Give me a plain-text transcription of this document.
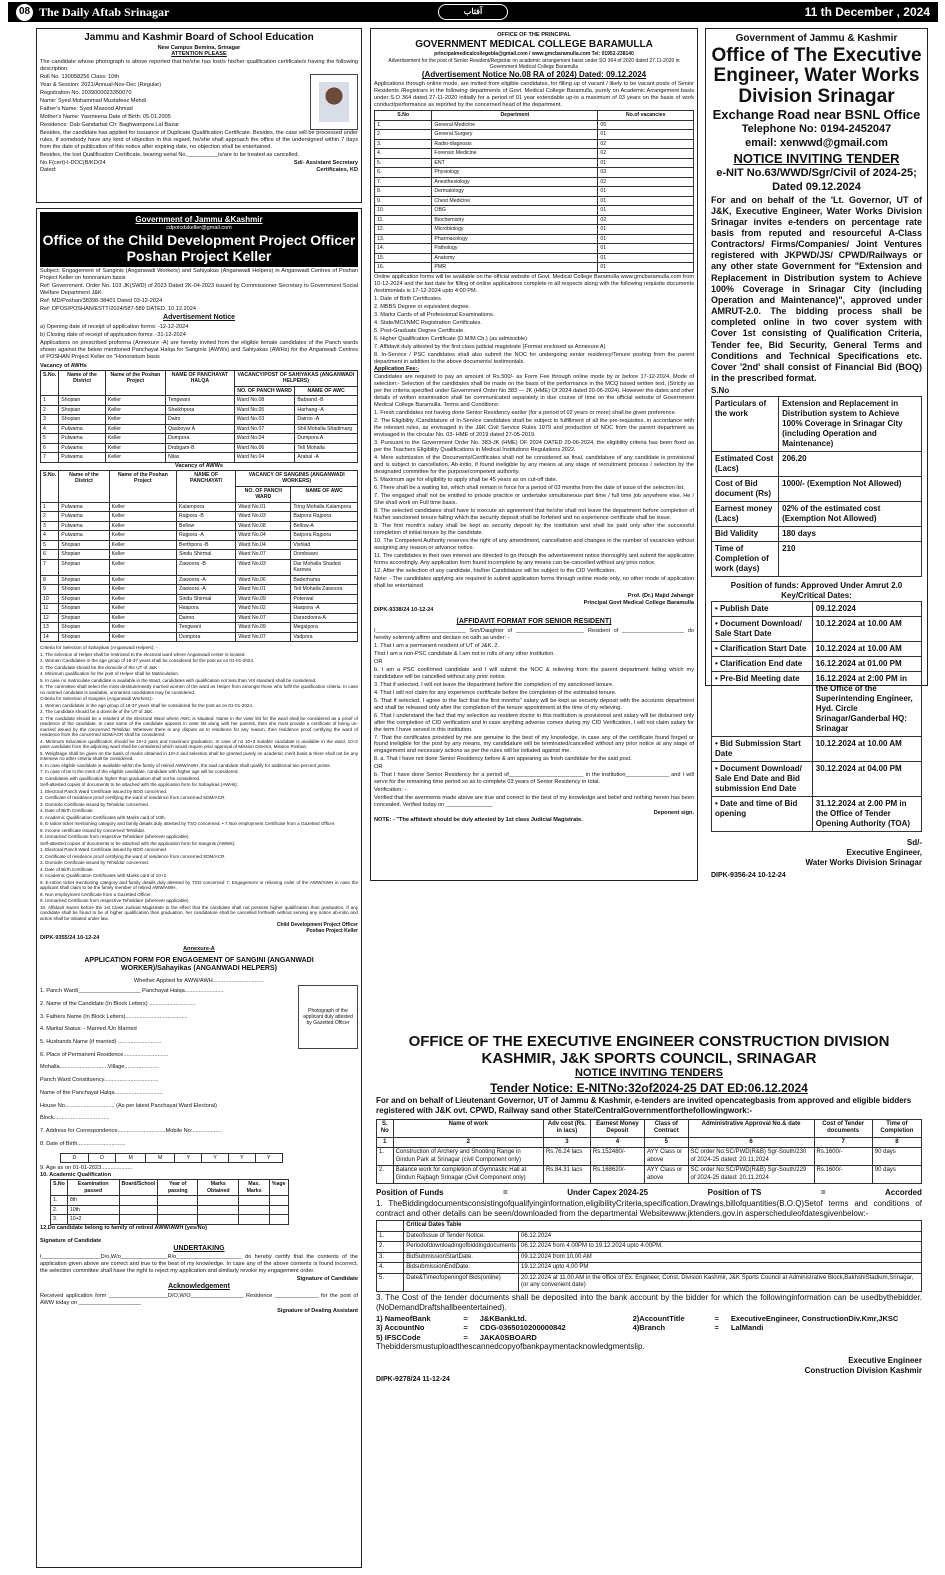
08 The Daily Aftab Srinagar	آفتاب	11 th December , 2024
Jammu and Kashmir Board of School Education
New Campus Bemina, Srinagar
ATTENTION PLEASE
The candidate whose photograph is above reported that he/she has lost/s his/her qualification certificate/s having the following description.
Roll No. 130058256 Class: 10th
Year & Session: 2021/Annual-Nov-Dec (Regular)
Registration No. 2039000023350070
Name: Syed Mohammad Mustafeez Mehdi
Father's Name: Syed Masood Ahmad
Mother's Name: Yasmeena Date of Birth: 05.01.2005
Residence: Dab Gandarbal Ch: Baghwanpora Lal Bazar
Besides, the candidate has applied for issuance of Duplicate Qualification Certificate. Besides, the case will be processed under rules, if somebody have any kind of objection in this regard, he/she shall approach the office of the undersigned within 7 days from the date of publication of this notice after expiring date, no objection shall be entertained.
Besides, the lost Qualification Certificate, bearing serial No.__________is/are to be treated as cancelled.
No.F(cert)-I-DOC(B/KD/24
Dated:
Sd/- Assistant Secretary
Certificates, KD
Government of Jammu &Kashmir
cdpoicdskeller@gmail.com
Office of the Child Development Project Officer Poshan Project Keller
Subject: Engagement of Sanginis (Anganwadi Workers) and Sahiyakas (Anganwadi Helpers) in Anganwadi Centres of Poshan Project Keller on honorarium basis
Ref: Government. Order No. 103 JK(SWD) of 2023 Dated 2K-04-2023 issued by Commissioner Secretary to Government Social Welfare Department J&K
Ref: MD/Poshan/38398-38401 Dated 03-12-2024
Ref: DPOS/POSHAN/ESTT/2024/587-589 DATED. 10.12.2024
Advertisement Notice
a) Opening date of receipt of application forms: -12-12-2024
b) Closing date of receipt of application forms: -31-12-2024
Applications on prescribed proforma (Annexure -A) are hereby invited from the eligible female candidates of the Panch wards shown against the below mentioned Panchayat Halqa for Sanginis (AWWs) and Sahiyakas (AWHs) for the Anganwadi Centres of POSHAN Project Keller on "Honorarium basis
Vacancy of AWHs
S.No.	Name of the District	Name of the Poshan Project	NAME OF PANCHAYAT HALQA	VACANCY/POST OF SAHIYAKAS (ANGANWADI HELPERS)	
				NO. OF PANCH WARD	NAME OF AWC
1	Shopian	Keller	Tengwani	Ward No.08	Babrand -B
2	Shopian	Keller	Sheikhpora	Ward No.05	Harhang -A
3	Shopian	Keller	Dairo	Ward No.03	Dairoo -A
4	Pulwama	Keller	Qasboyar A	Ward No.07	Shil Mohalla Shadimarg
5	Pulwama	Keller	Dumpora	Ward No.04	Dumpora A
6	Pulwama	Keller	Drubgam-B	Ward No.06	Teli Mohalla
7	Pulwama	Keller	Nilas	Ward No.04	Arabal -A
Vacancy of AWWs
S.No.	Name of the District	Name of the Poshan Project	NAME OF PANCHAYAT/	VACANCY OF SANGINIS (ANGANWADI WORKERS)	
				NO. OF PANCH WARD	NAME OF AWC
1	Pulwama	Keller	Kalampora	Ward No.01	Tring Mohalla Kalampora
2	Pulwama	Keller	Rajpora -B	Ward No.03	Batpora Rajpora
3	Pulwama	Keller	Bellow	Ward No.08	Bellow-A
4	Pulwama	Keller	Rajpora -A	Ward No.04	Batpora Rajpora
5	Shopian	Keller	Berthpora -B	Ward No.04	Vishlad
6	Shopian	Keller	Sindu Shirmal	Ward No.07	Dombwani
7	Shopian	Keller	Zawoora -B	Ward No.03	Dar Mohalla Shaded Karewa
8	Shopian	Keller	Zawoora -A	Ward No.06	Baderhama
9	Shopian	Keller	Zawoora -A	Ward No.01	Teli Mohalla Zawoora
10	Shopian	Keller	Sindu Shirmal	Ward No.09	Poterwal
11	Shopian	Keller	Haspora	Ward No.02	Haspora -A
12	Shopian	Keller	Dairoo	Ward No.07	Darandoora-A
13	Shopian	Keller	Tengwani	Ward No.09	Megalpora
14	Shopian	Keller	Dumpora	Ward No.07	Vadpora
Criteria for Selection of Sahayikas (Anganwadi Helpers): -
1. The selection of Helper shall be restricted to the electoral ward where Anganwadi center is located.
2. Women Candidates in the age group of 18-37 years shall be considered for the post as on 01-01-2024.
3. The Candidate should be the domicile of the UT of J&K
4. Minimum qualification for the post of Helper shall be Matriculation.
5. In case no matriculate candidate is available in the Ward, candidates with qualification not less than VIII standard shall be considered.
6. The committee shall select the most destitute/needy married women of the ward as Helper from amongst those who fulfil the qualification criteria. In case no married candidate is available, unmarried candidates may be considered.
Criteria for Selection of Sanginis (Anganwadi Workers):-
1. Women candidates in the age group of 18-37 years shall be considered for the post as on 01-01-2024.
2. The candidate should be a domicile of the UT of J&K.
3. The candidate should be a resident of the Electoral Ward where AWC is situated. Name in the voter list for the ward shall be considered as a proof of residence of the candidate. In case name of the candidate appears in voter list along with her parents, then she must provide a certificate of being un-married issued by the concerned Tehsildar. Wherever there is any dispute as to residence for any reason, then residence proof certifying the ward of residence from the concerned SDM/ACR shall be considered.
4. Minimum Education qualification should be 10+2 pass and maximum graduation. In case of no 10+2 suitable candidate is available in the ward, 10+2 pass candidate from the adjoining ward shall be considered which would require prior approval of Mission Director, Mission Poshan.
5. Weightage shall be given on the basis of marks obtained in 10+2 and selection shall be granted purely on academic merit basis & there shall not be any interview no other criteria shall be considered.
6. In case eligible candidate is available within the family of retired AWW/AWH, the said candidate shall qualify for additional two percent points.
7. In case of tie in the merit of the eligible candidate, candidate with higher age will be considered.
8. Candidates with qualification higher than graduation shall not be considered.
Self-attested copies of documents to be attached with the application form for Sahayikas (AWHs):
1. Electoral Panch Ward Certificate issued by BDO concerned.
2. Certificate of residence proof certifying the ward of residence from concerned SDM/ACR.
3. Domicile Certificate issued by Tehsildar concerned.
4. Date of Birth Certificate.
5. Academic Qualification Certificates with Marks card of 10th.
6. E-ration ticket mentioning category and family details duly attested by TSO concerned. • 7.Non employment Certificate from a Gazetted Officer.
8. Income certificate issued by concerned Tehsildar.
9. Unmarried Certificate from respective Tehsildare (wherever applicable)
Self-attested copies of documents to be attached with the application form for Sanginis (AWWs):
1. Electoral Panch Ward Certificate issued by BDO concerned.
2. Certificate of residence proof certifying the ward of residence from concerned SDM/ACR.
3. Domicile Certificate issued by Tehsildar concerned.
4. Date of Birth Certificate.
5. Academic Qualification Certificates with Marks card of 10+2.
6. E-ration ticket mentioning category and family details duly attested by TSO concerned 7. Engagement or relieving order of the AWW/AWH in case the applicant shall claim to be the family member of retired AWW/AWH.
8. Non employment Certificate from a Gazetted Officer.
9. Unmarried Certificate from respective Tehsildare (wherever applicable)
10. Affidavit Sworn before the 1st Class Judicial Magistrate to the effect that the candidate shall not possess higher qualification than graduation. If any candidate shall be found to be of higher qualification than graduation, her candidature shall be cancelled forthwith without serving any notice ab-initio and action shall be initiated under law.
Child Development Project Officer
Poshan Project Keller
DIPK-9355/24 10-12-24
Annexure-A
APPLICATION FORM FOR ENGAGEMENT OF SANGINI (ANGANWADI WORKER)/Sahayikas (ANGANWADI HELPERS)
Whether Applied for AWW/AWH.................................
Photograph of the applicant duly attested by Gazetted Officer
1. Panch Ward/____________________ Panchayat Halqa.........................
2. Name of the Candidate (In Block Letters) ..............................
3. Fathers Name (In Block Letters)........................................
4. Marital Status: - Married /Un Married
5. Husbands Name (if married) ............................
6. Place of Permanent Residence.............................
Mohalla...............................Village......................
Panch Ward Constituency...................................
Name of the Panchayat Halqa...............................
House No................................ (As per latest Panchayat Ward Electoral)
Block....................................
7. Address for Correspondence...............................Mobile No:...................
8. Date of Birth...............................
D	D	M	M	Y	Y	Y	Y
9. Age as on 01-01-2023....................
10. Academic Qualification
S.No	Examination passed	Board/School	Year of passing	Marks Obtained	Max. Marks	%age
1.	8th					
2.	10th					
3.	10+2					
12.Do candidate belong to family of retired AWW/AWH (yes/No)
Signature of Candidate
UNDERTAKING
I___________________D/o,W/o_______________R/o_____________________ do hereby certify that the contents of the application given above are correct and true to the best of my knowledge. In case any of the above contents is found incorrect, the selection committee shall have the right to reject my application and similarly revoke my engagement order.
Signature of Candidate
Acknowledgement
Received application form ___________________D/O,W/O_________________ Residence ______________ for the post of AWW today on ____________________
Signature of Dealing Assistant
OFFICE OF THE PRINCIPAL
GOVERNMENT MEDICAL COLLEGE BARAMULLA
principalmedicalcollegebla@gmail.com / www.gmcbaramulla.com Tel: 01952-238140
Advertisement for the post of Senior Resident/Registrar on academic arrangement basis under SO 364 of 2020 dated 27.11-2020 in Government Medical College Baramulla
(Advertisement Notice No.08 RA of 2024) Dated: 09.12.2024
Applications through online mode, are invited from eligible candidates, for filling up of vacant / likely to be vacant posts of Senior Residents /Registrars in the following departments of Govt. Medical College Baramulla, purely on Academic Arrangement basis under S.O 364 dated 27-11-2020 initially for a period of 01 year extendable up-to a maximum of 03 years on the basis of work conduct/performance as reported by the concerned head of the department.
S.No	Department	No.of vacancies
1.	General Medicine	05
2.	General Surgery	01
3.	Radio-diagnosis	02
4.	Forensic Medicine	02
5.	ENT	01
6.	Physiology	03
7.	Anesthesiology	02
8.	Dermatology	01
9.	Chest Medicine	01
10.	OBG	01
11.	Biochemistry	02
12.	Microbiology	01
13.	Pharmacology	01
14.	Pathology	01
15.	Anatomy	01
16.	PMR	01
Online application forms will be available on the official website of Govt. Medical College Baramulla www.gmcbaramulla.com from 10-12-2024 and the last date for filling of online applications complete in all respects along with the following requisite documents /testimonials is 17-12-2024 upto 4:00 PM.
1. Date of Birth Certificates.
2. MBBS Degree or equivalent degree.
3. Marks Cards of all Professional Examinations.
4. State/MCI/NMC Registration Certificates.
5. Post-Graduate Degree Certificate.
6. Higher Qualification Certificate (D.M/M.Ch.) (as admissible)
7. Affidavit duly attested by the first class judicial magistrate (Format enclosed as Annexure A)
8. In-Service / PSC candidates shall also submit the NOC for undergoing senior residency/Tenure posting from the parent department in addition to the above documents/ testimonials.
Application Fee:-
Candidates are required to pay an amount of Rs.500/- as Form Fee through online mode by or before 17-12-2024. Mode of selection:- Selection of the candidates shall be made on the basis of the performance in the MCQ based written test, (Strictly as per the criteria specified under Government Order No 383 — JK (HME) Of 2024 dated 20-06-2024). However the dates and other details of written examination shall be communicated separately in due course of time on the official website of Government Medical College Baramulla. Terms and Conditions:
1. Fresh candidates not having done Senior Residency earlier (for a period of 02 years or more) shall be given preference.
2. The Eligibility /Candidature of In-Service candidates shall be subject to fulfillment of all the pre-requisites, in accordance with the relevant rules, as envisaged in the J&K Civil Service Rules 1979 and production of NOC from the parent department as envisaged in the circular No. 03- HME of 2019 dated 27-05-2019.
3. Pursuant to the Government Order No. 383-JK (HME) OF 2024 DATED 20-06-2024, the eligibility criteria has been fixed as per the Teachers Eligibility Qualifications in Medical Institutions Regulations 2022.
4. Mere submission of the Documents/Certificates shall not be considered as final, candidature of any candidate is provisional and is subject to cancellation, Ab-initio, if found ineligible by any means at any stage of recruitment process / selection by the designated committee for the purpose/competent authority.
5. Maximum age for eligibility to apply shall be 45 years as on cut-off date.
6. There shall be a waiting list, which shall remain in force for a period of 03 months from the date of issue of the selection list.
7. The engaged shall not be entitled to private practice or undertake simultaneous part time / full time job anywhere else. He / She shall work on Full time basis.
8. The selected candidates shall have to execute an agreement that he/she shall not leave the department before completion of his/her sanctioned tenure failing which the security deposit shall be forfeited and no experience certificate shall be issue.
9. The first month's salary shall be kept as security deposit by the institution and shall be paid only after the successful completion of initial tenure by the candidate.
10. The Competent Authority reserves the right of any amendment, cancellation and changes in the number of vacancies without assigning any reason or advance notice.
11. The candidates in their own interest are directed to go through the advertisement notice thoroughly and submit the application forms accordingly. Any application form found incomplete by any means can be cancelled without any prior notice.
12. After the selection of any candidate, his/her Candidature will be subject to the CID Verification.
Note: - The candidates applying are required to submit application forms through online mode only, no other mode of application shall be entertained
Prof. (Dr.) Majid Jahangir
Principal Govt Medical College Baramulla
DIPK-9338/24 10-12-24
(AFFIDAVIT FORMAT FOR SENIOR RESIDENT)
I_____________________________ Son/Daughter of ______________________ Resident of ____________________ do hereby solemnly affirm and declare on oath as under: -
1. That I am a permanent resident of UT of J&K. 2.
That I am a non-PSC candidate & I am not in rolls of any other institution.
OR
b. I am a PSC confirmed candidate and I will submit the NOC & relieving from the parent department failing which my candidature will be cancelled without any prior notice.
3. That if selected, I will not leave the department before the completion of my sanctioned tenure.
4. That I will not claim for any experience certificate before the completion of the estimated tenure.
5. That if selected, I agree to the fact that the first months" salary will be kept as security deposit with the accounts department and shall be released only after the completion of the tenure appointment at the time of my relieving.
6. That I understand the fact that my selection as resident doctor in this institution is provisional and salary will be disbursed only after the completion of CID verification and in case anything adverse comes during my CID Verification, I will not claim salary for the term I have served in this institution.
7. That the certificates provided by me are genuine to the best of my knowledge, in case any of the certificate found forged or found ineligible for the post by any means, my candidature will be terminated/cancelled without any prior notice at any stage of engagement and necessary actions as per the rules will be initiated against me.
8. a. That I have not done Senior Residency before & am appearing as fresh candidate for the said post.
OR
b. That I have done Senior Residency for a period of________________________ in the institution______________ and I will serve for the remaining time period so as to complete 03 years of Senior Residency in total.
Verification: -
Verified that the averments made above are true and correct to the best of my knowledge and belief and nothing herein has been concealed. Verified today on _______________
Deponent sign.
NOTE: - "The affidavit should be duly attested by 1st class Judicial Magistrate.
Government of Jammu & Kashmir
Office of The Executive Engineer, Water Works Division Srinagar
Exchange Road near BSNL Office
Telephone No: 0194-2452047
email: xenwwd@gmail.com
NOTICE INVITING TENDER
e-NIT No.63/WWD/Sgr/Civil of 2024-25; Dated 09.12.2024
For and on behalf of the 'Lt. Governor, UT of J&K, Executive Engineer, Water Works Division Srinagar invites e-tenders on percentage rate basis from reputed and resourceful A-Class Contractors/ Firms/Companies/ Joint Ventures registered with JKPWD/JS/ CPWD/Railways or any other state Government for "Extension and Replacement in Distribution system to Achieve 100% Coverage in Srinagar City (including Operation and Maintenance)", approved under AMRUT-2.0. The bidding process shall be completed online in two cover system with Cover 1st consisting of Qualification Criteria, Tender fee, Bid Security, General Terms and Conditions and Technical Specifications etc. Cover '2nd' shall consist of Financial Bid (BOQ) in the prescribed format.
S.No
Particulars of the work	Extension and Replacement in Distribution system to Achieve 100% Coverage in Srinagar City (including Operation and Maintenance)
Estimated Cost (Lacs)	206.20
Cost of Bid document (Rs)	1000/- (Exemption Not Allowed)
Earnest money (Lacs)	02% of the estimated cost (Exemption Not Allowed)
Bid Validity	180 days
Time of Completion of work (days)	210
Position of funds: Approved Under Amrut 2.0
Key/Critical Dates:
• Publish Date	09.12.2024
• Document Download/ Sale Start Date	10.12.2024 at 10.00 AM
• Clarification Start Date	10.12.2024 at 10.00 AM
• Clarification End date	16.12.2024 at 01.00 PM
• Pre-Bid Meeting date	16.12.2024 at 2:00 PM in the Office of the Superintending Engineer, Hyd. Circle Srinagar/Ganderbal HQ: Srinagar
• Bid Submission Start Date	10.12.2024 at 10.00 AM
• Document Download/ Sale End Date and Bid submission End Date	30.12.2024 at 04.00 PM
• Date and time of Bid opening	31.12.2024 at 2.00 PM in the Office of Tender Opening Authority (TOA)
Sd/-
Executive Engineer,
Water Works Division Srinagar
DIPK-9356-24 10-12-24
OFFICE OF THE EXECUTIVE ENGINEER CONSTRUCTION DIVISION KASHMIR, J&K SPORTS COUNCIL, SRINAGAR
NOTICE INVITING TENDERS
Tender Notice: E-NITNo:32of2024-25 DAT ED:06.12.2024
For and on behalf of Lieutenant Governor, UT of Jammu & Kashmir, e-tenders are invited opencategbasis from approved and eligible bidders registered with J&K ovt. CPWD, Railway sand other State/CentralGovernmentforthefollowingwork:-
S. No	Name of work	Adv cost (Rs. in lacs)	Earnest Money Deposit	Class of Contract	Administrative Approval No.& date	Cost of Tender documents	Time of Completion
1	2	3	4	5	6	7	8
1.	Construction of Archery and Shooting Range in Gindun Park at Srinagar (civil Component only)	Rs.76.24 lacs	Rs.152480/-	AYY Class or above	SC order No:SC/PWD(R&B) Sgr-South/230 of 2024-25 dated: 20.11.2024	Rs.1600/-	90 days
2.	Balance work for completion of Gymnastic Hall at Gindun Rajbagh Srinagar (Civil Component only)	Rs.84.31 lacs	Rs.168620/-	AYY Class or above	SC order No:SC/PWD(R&B) Sgr-South/229 of 2024-25 dated: 20.11.2024	Rs.1600/-	90 days
Position of Funds	=	Under Capex 2024-25	Position of TS	=	Accorded
1. TheBiddingdocumentsconsistingofqualifyinginformation,eligibilityCriteria,specification,Drawings,billofquantities(B.O.Q)Setof terms and conditions of contract and other details can be seen/downloaded from the departmental Websitewww.jktenders.gov.in asperscheduleofdatesgivenbelow:-
	Critical Dates Table	
1.	Dateofissue of Tender Notice.	06.12.2024
2.	Periodofdownloadingofbiddingdocuments	06.12.2024 from 4.00PM to 19.12.2024 upto 4.00PM.
3.	BidSubmissionStartDate.	09.12.2024 from 10.00 AM
4.	BidsubmissionEndDate.	19.12.2024 upto 4.00 PM
5.	Date&Timeofopeningof Bids(online)	20.12.2024 at 11.00 AM in the office of Ex. Engineer, Const. Division Kashmir, J&K Sports Council at Administrative Block,BakhshiStadium,Srinagar, (or any convenient date)
3. The Cost of the tender documents shall be deposited into the bank account by the bidder for which the followinginformation can be usedbythebidder.(NoDemandDraftshallbeentertained).
1) NameofBank	=	J&KBankLtd.	2)AccountTitle	=	ExecutiveEngineer, ConstructionDiv.Kmr,JKSC
3) AccountNo	=	CDG-0365010200000842	4)Branch	=	LalMandi
5) IFSCCode	=	JAKA0SBOARD
Thebiddersmustuploadthescannedcopyofbankpaymentacknowledgmentslip.
Executive Engineer
Construction Division Kashmir
DIPK-9278/24 11-12-24
